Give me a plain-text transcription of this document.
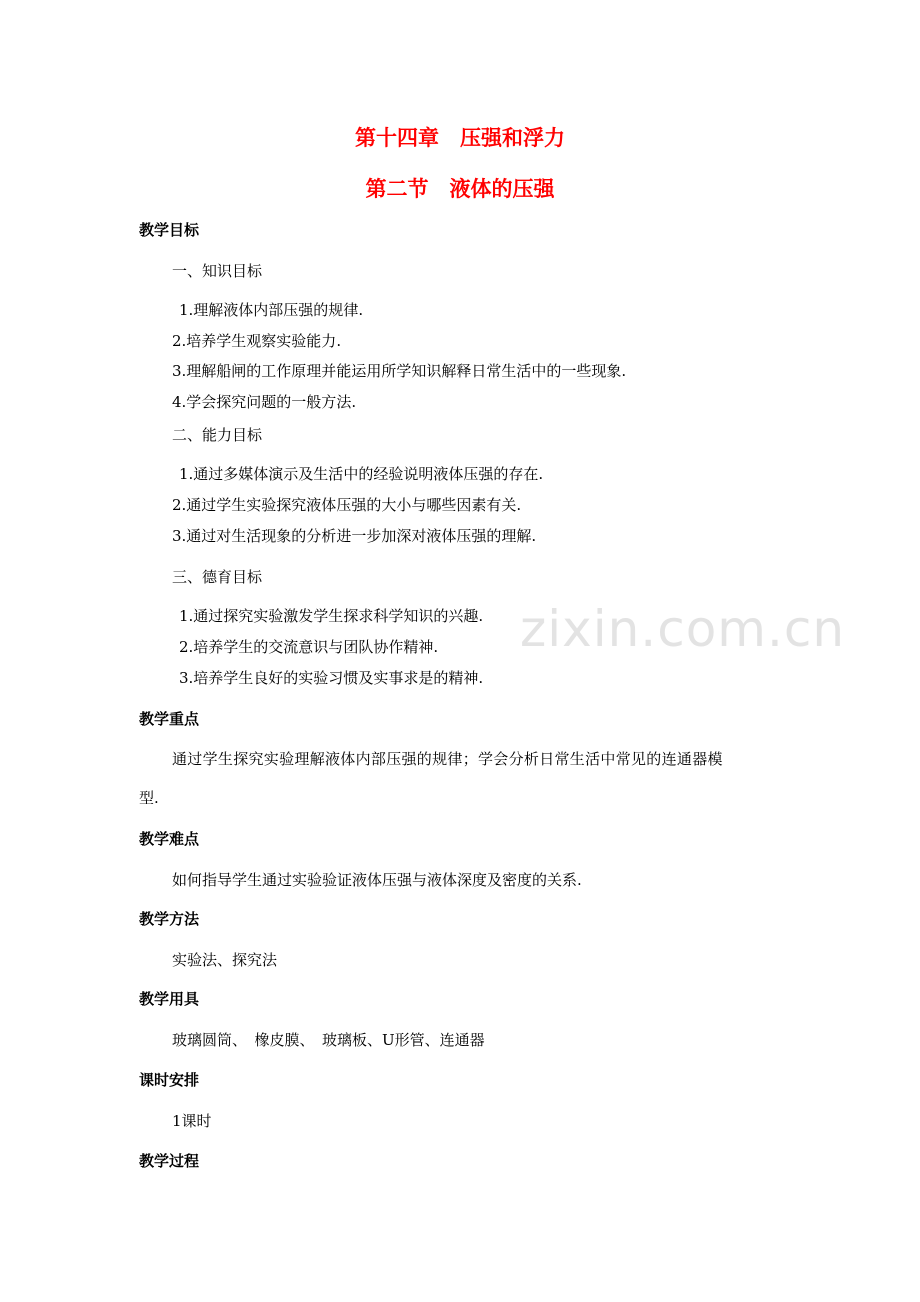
zixin.com.cn
第十四章　压强和浮力
第二节　液体的压强
教学目标
一、知识目标
1.理解液体内部压强的规律.
2.培养学生观察实验能力.
3.理解船闸的工作原理并能运用所学知识解释日常生活中的一些现象.
4.学会探究问题的一般方法.
二、能力目标
1.通过多媒体演示及生活中的经验说明液体压强的存在.
2.通过学生实验探究液体压强的大小与哪些因素有关.
3.通过对生活现象的分析进一步加深对液体压强的理解.
三、德育目标
1.通过探究实验激发学生探求科学知识的兴趣.
2.培养学生的交流意识与团队协作精神.
3.培养学生良好的实验习惯及实事求是的精神.
教学重点
通过学生探究实验理解液体内部压强的规律；学会分析日常生活中常见的连通器模
型.
教学难点
如何指导学生通过实验验证液体压强与液体深度及密度的关系.
教学方法
实验法、探究法
教学用具
玻璃圆筒、　橡皮膜、　玻璃板、U形管、连通器
课时安排
1课时
教学过程
